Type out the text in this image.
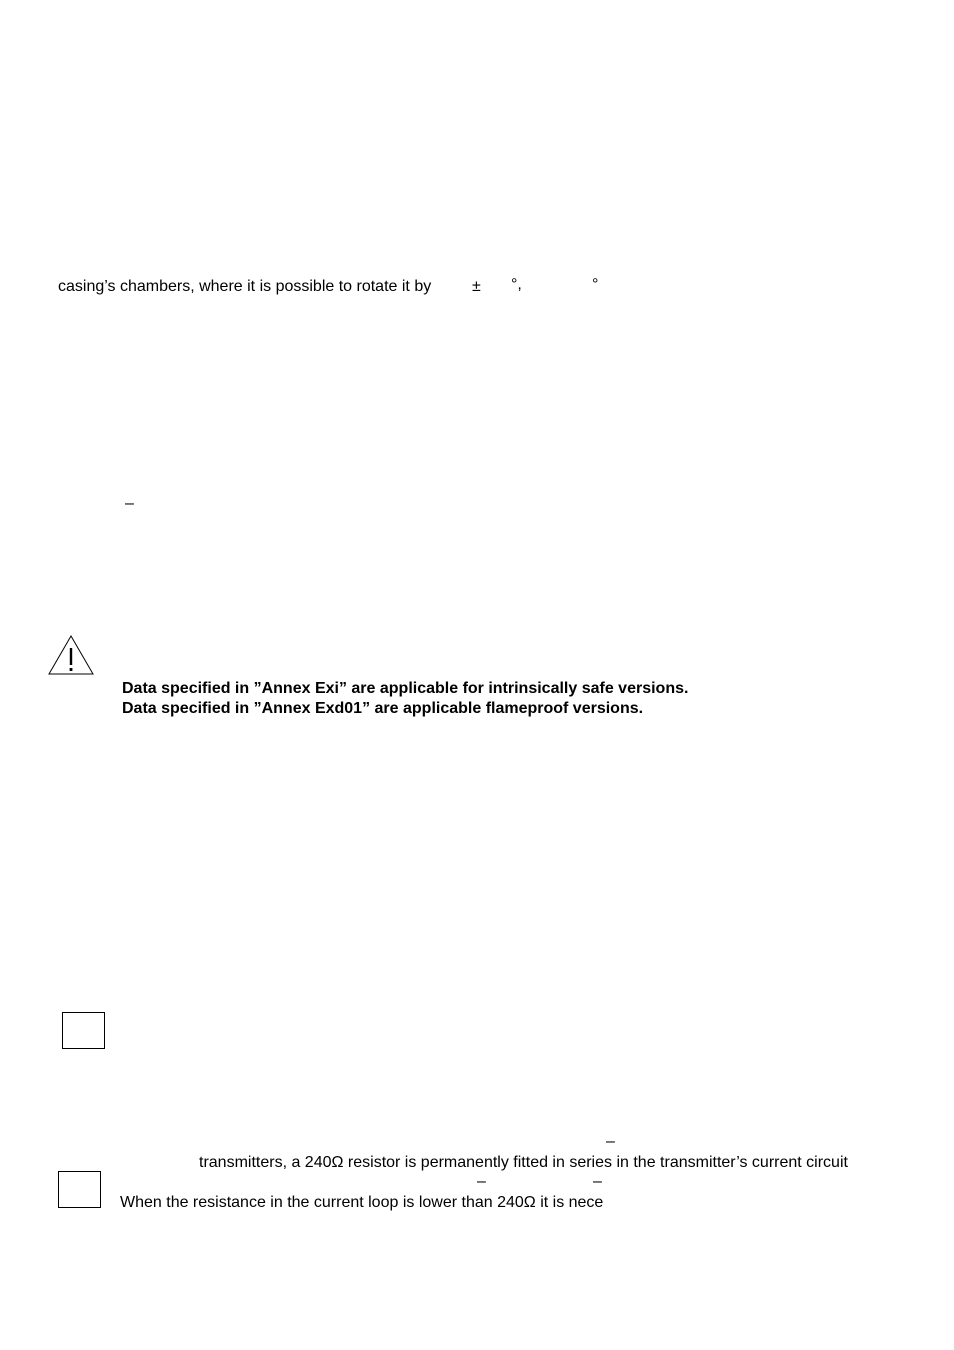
casing’s chambers, where it is possible to rotate it by	± °,	°
–
Data specified in ”Annex Exi” are applicable for intrinsically safe versions.
Data specified in ”Annex Exd01” are applicable flameproof versions.
–
transmitters, a 240Ω resistor is permanently fitted in series in the transmitter’s current circuit
–	–
When the resistance in the current loop is lower than 240Ω it is nece
